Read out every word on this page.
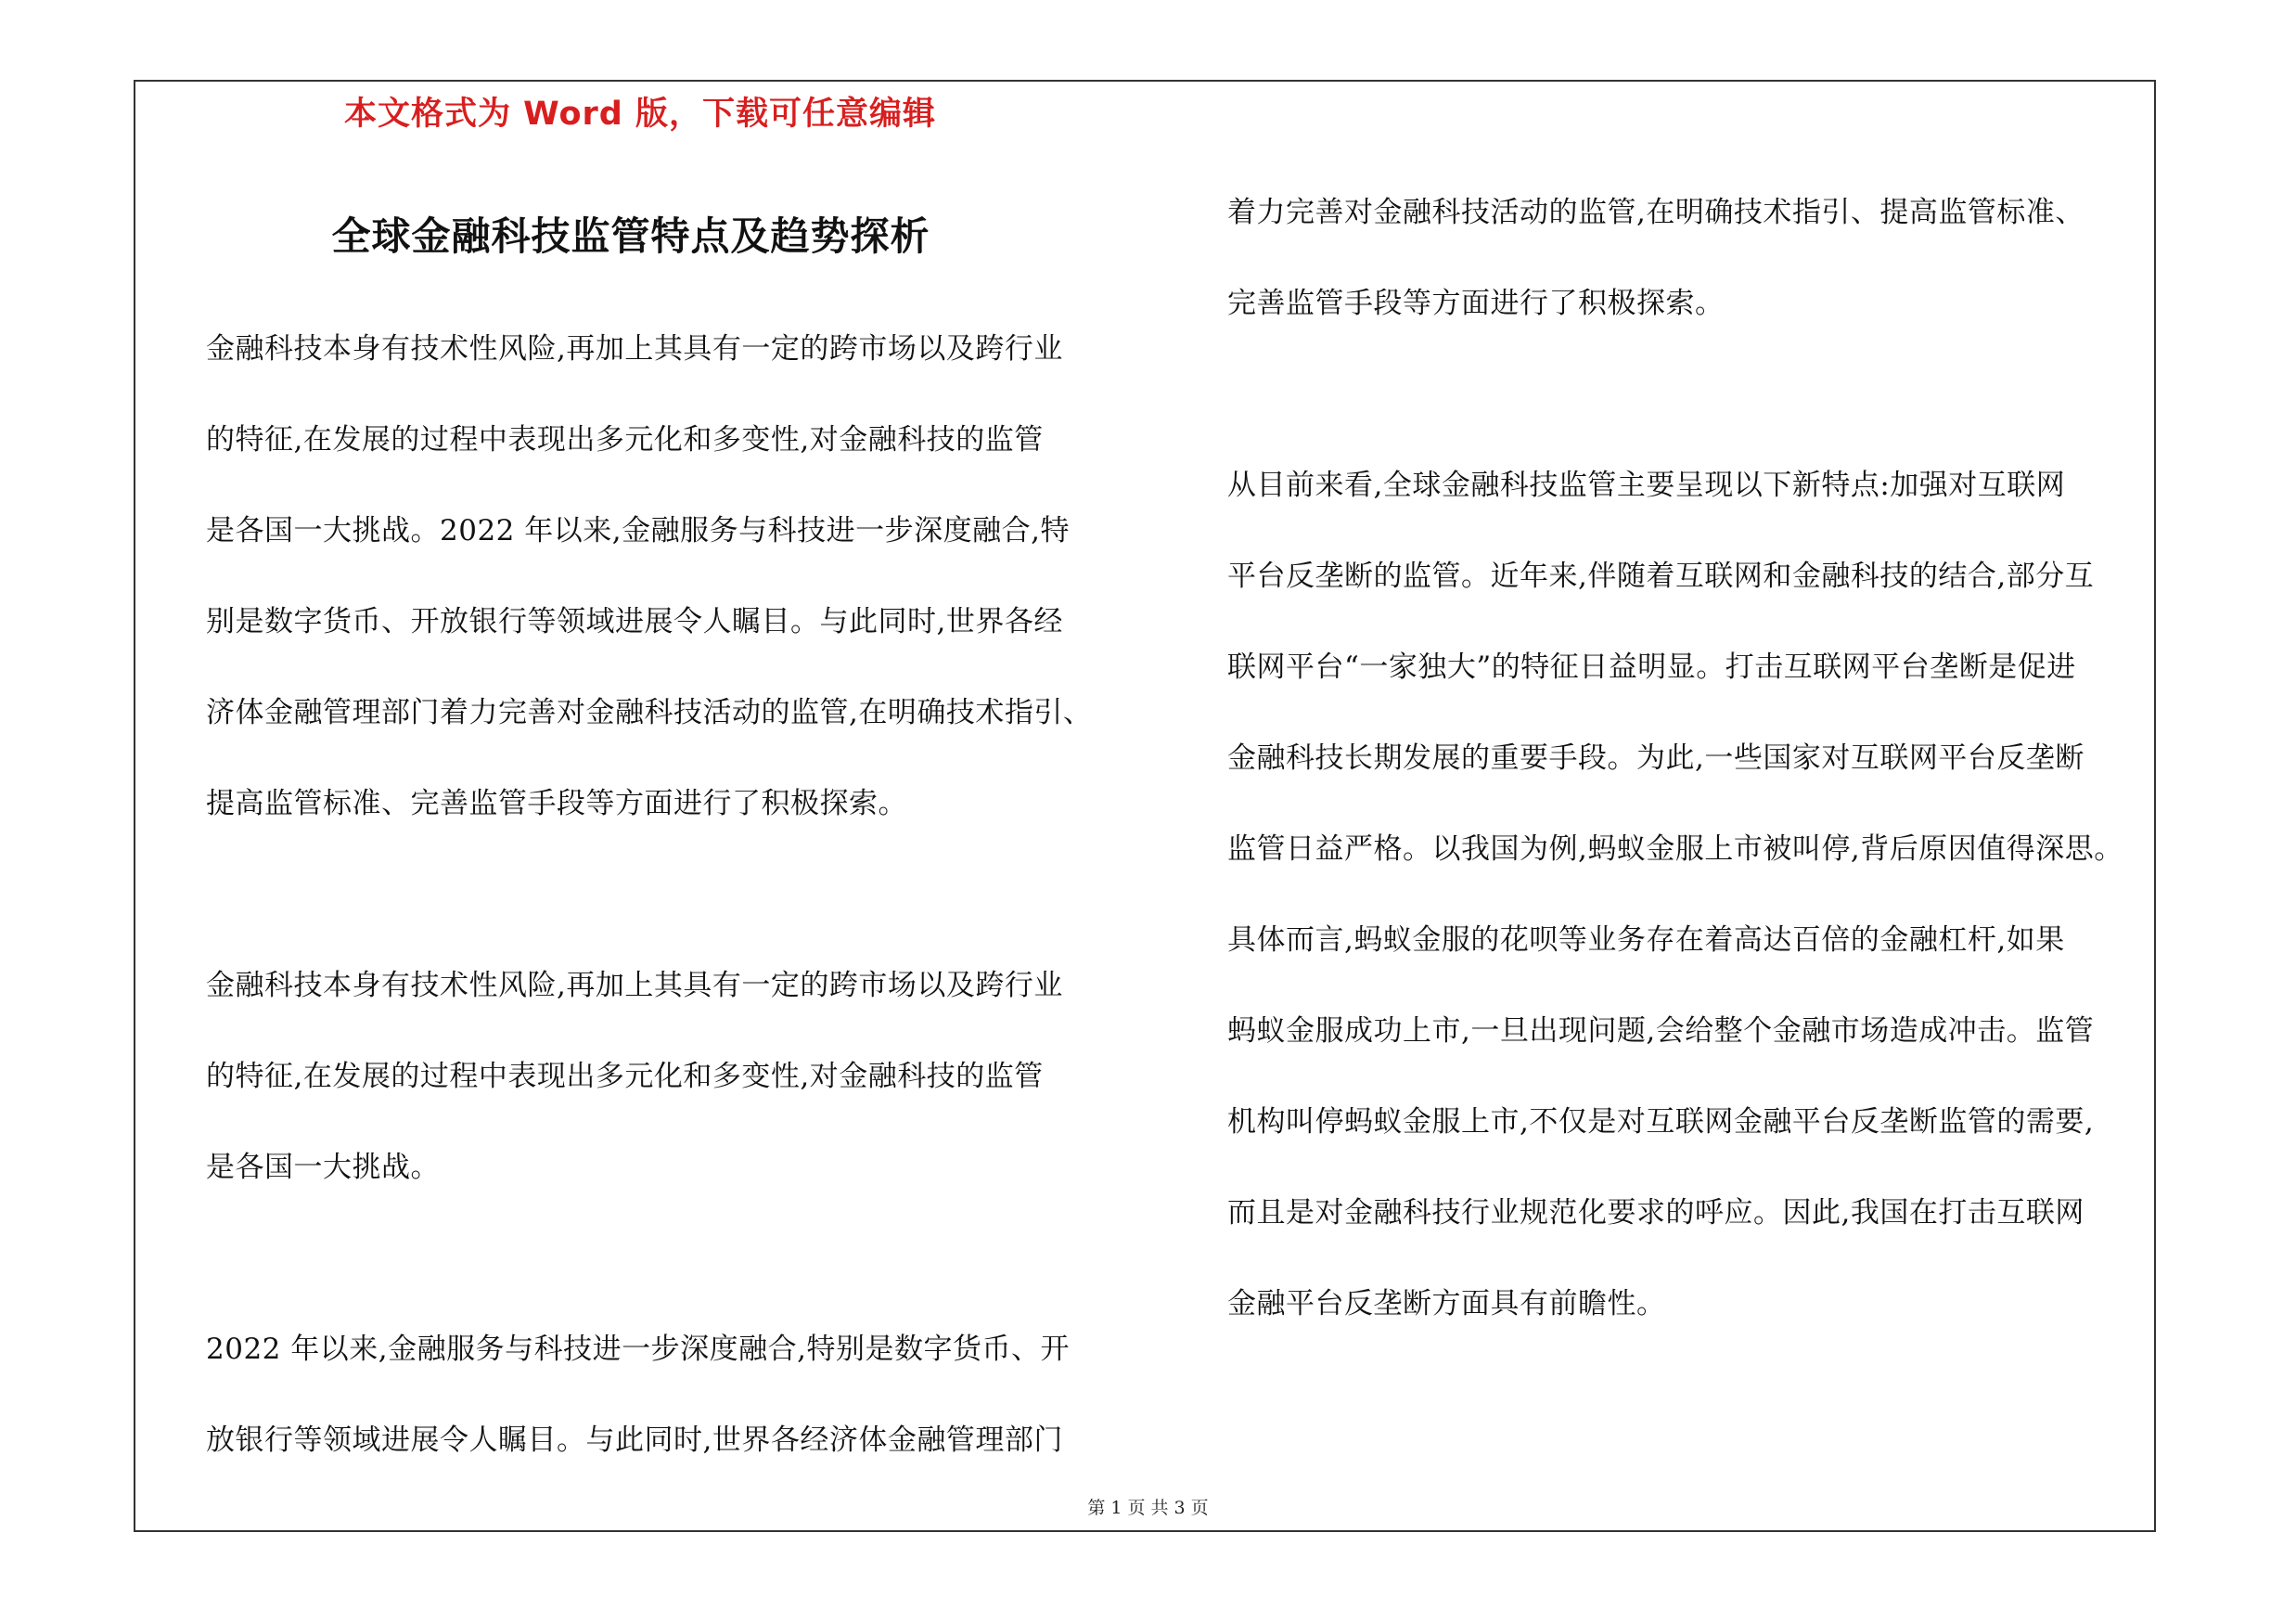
本文格式为 Word 版，下载可任意编辑
全球金融科技监管特点及趋势探析

金融科技本身有技术性风险,再加上其具有一定的跨市场以及跨行业
的特征,在发展的过程中表现出多元化和多变性,对金融科技的监管
是各国一大挑战。2022 年以来,金融服务与科技进一步深度融合,特
别是数字货币、开放银行等领域进展令人瞩目。与此同时,世界各经
济体金融管理部门着力完善对金融科技活动的监管,在明确技术指引、
提高监管标准、完善监管手段等方面进行了积极探索。

金融科技本身有技术性风险,再加上其具有一定的跨市场以及跨行业
的特征,在发展的过程中表现出多元化和多变性,对金融科技的监管
是各国一大挑战。

2022 年以来,金融服务与科技进一步深度融合,特别是数字货币、开
放银行等领域进展令人瞩目。与此同时,世界各经济体金融管理部门

着力完善对金融科技活动的监管,在明确技术指引、提高监管标准、
完善监管手段等方面进行了积极探索。

从目前来看,全球金融科技监管主要呈现以下新特点:加强对互联网
平台反垄断的监管。近年来,伴随着互联网和金融科技的结合,部分互
联网平台“一家独大”的特征日益明显。打击互联网平台垄断是促进
金融科技长期发展的重要手段。为此,一些国家对互联网平台反垄断
监管日益严格。以我国为例,蚂蚁金服上市被叫停,背后原因值得深思。
具体而言,蚂蚁金服的花呗等业务存在着高达百倍的金融杠杆,如果
蚂蚁金服成功上市,一旦出现问题,会给整个金融市场造成冲击。监管
机构叫停蚂蚁金服上市,不仅是对互联网金融平台反垄断监管的需要,
而且是对金融科技行业规范化要求的呼应。因此,我国在打击互联网
金融平台反垄断方面具有前瞻性。

第 1 页 共 3 页
